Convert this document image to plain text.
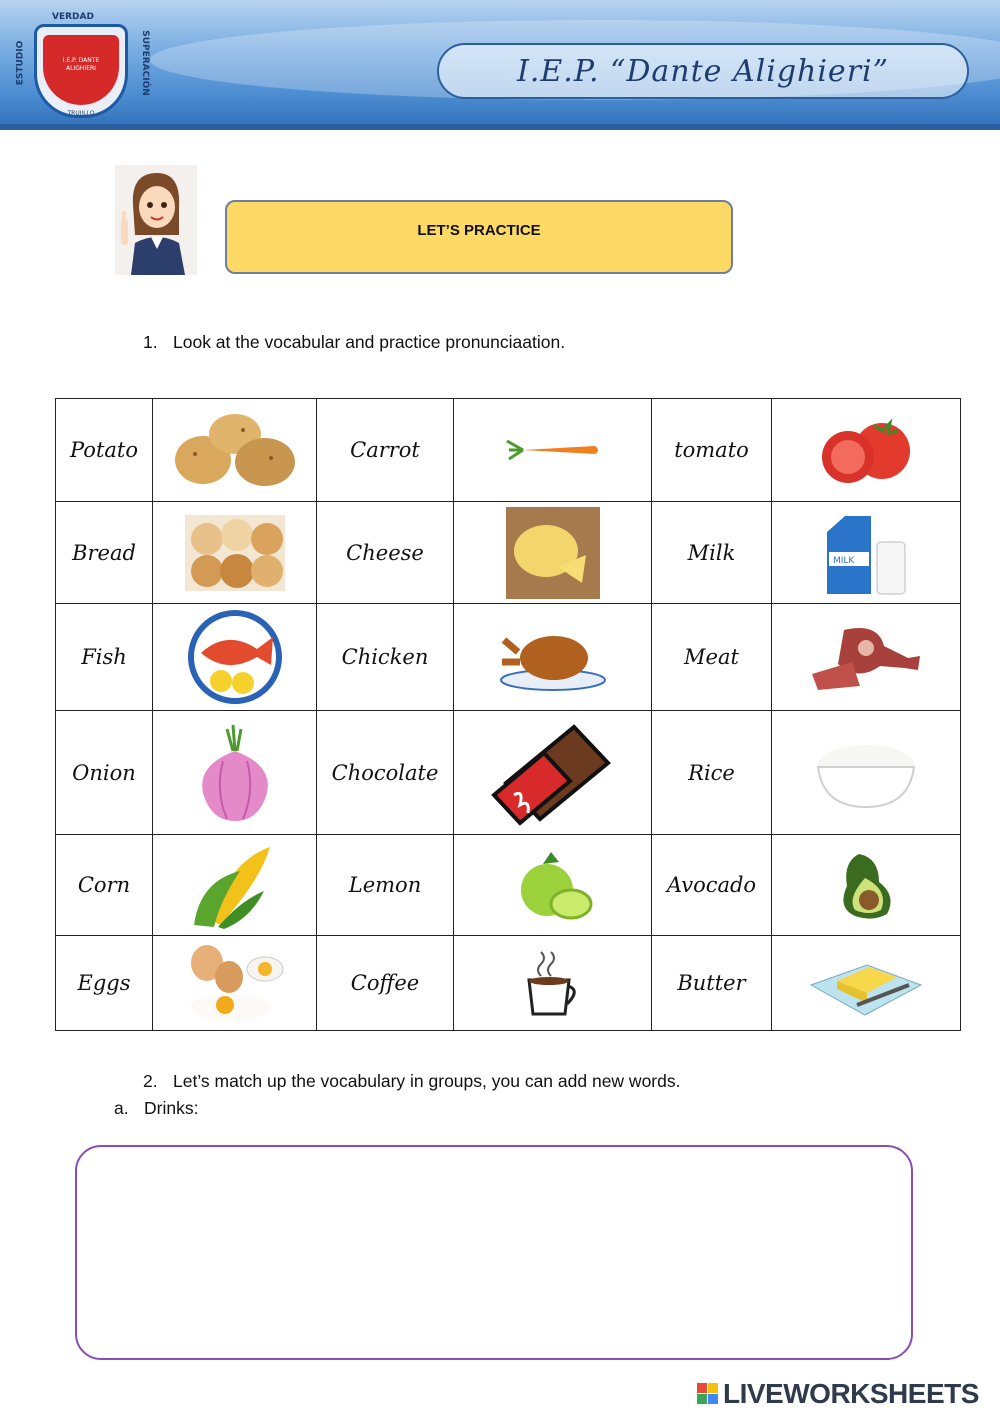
VERDAD
ESTUDIO	SUPERACIÓN
I.E.P. DANTE ALIGHIERI
TRUJILLO
I.E.P. “Dante Alighieri”
LET’S PRACTICE
1. Look at the vocabular and practice pronunciaation.
Potato		Carrot		tomato	

Bread		Cheese		Milk	MILK

Fish		Chicken		Meat	

Onion		Chocolate		Rice	

Corn		Lemon		Avocado	

Eggs		Coffee		Butter	
2. Let’s match up the vocabulary in groups, you can add new words.
a. Drinks:
LIVEWORKSHEETS
